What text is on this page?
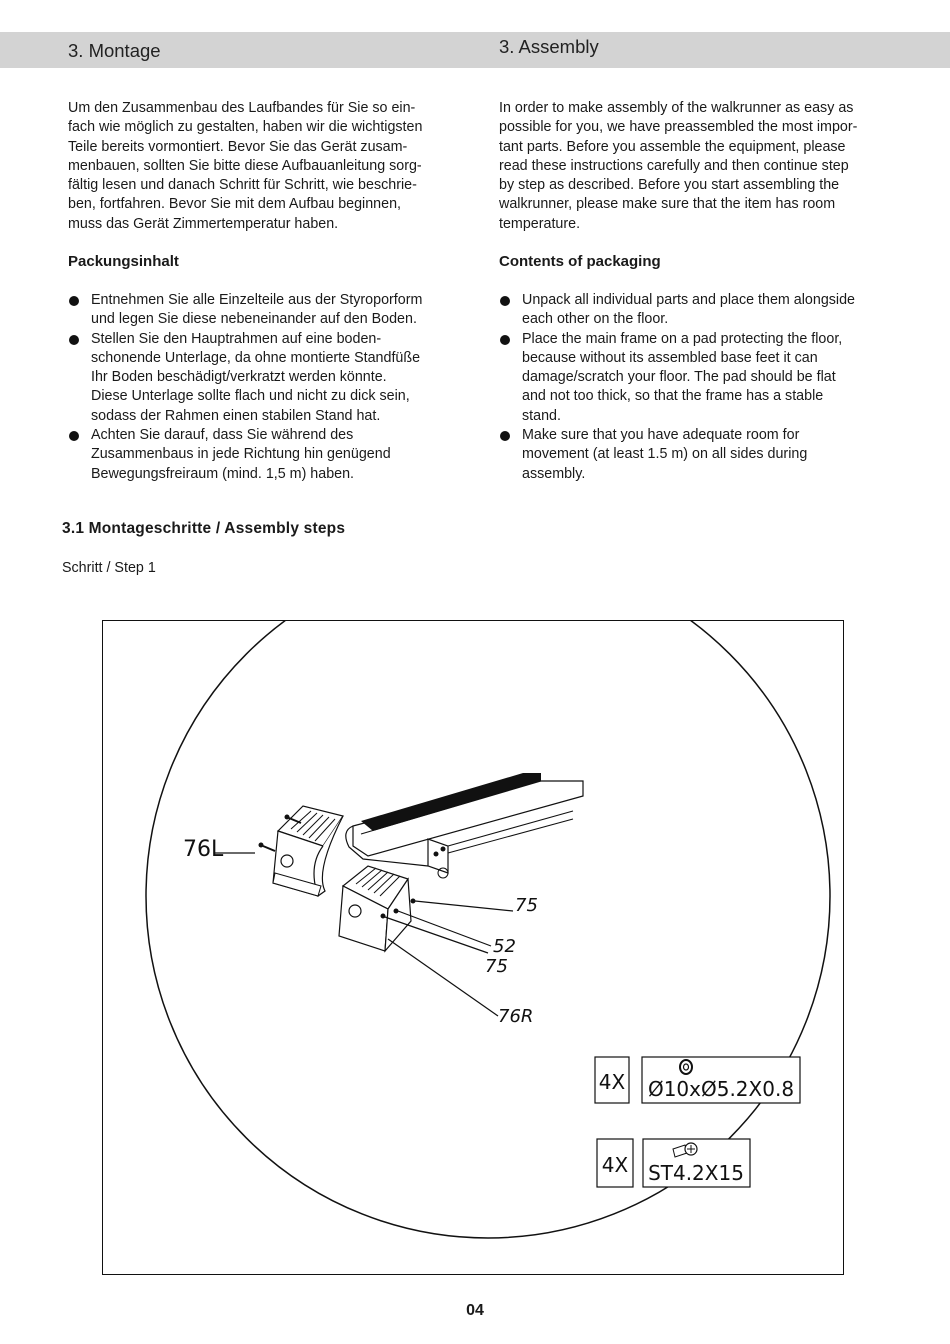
3. Montage	3. Assembly

Um den Zusammenbau des Laufbandes für Sie so ein-

fach wie möglich zu gestalten, haben wir die wichtigsten

Teile bereits vormontiert. Bevor Sie das Gerät zusam-

menbauen, sollten Sie bitte diese Aufbauanleitung sorg-

fältig lesen und danach Schritt für Schritt, wie beschrie-

ben, fortfahren. Bevor Sie mit dem Aufbau beginnen,

muss das Gerät Zimmertemperatur haben.

In order to make assembly of the walkrunner as easy as

possible for you, we have preassembled the most impor-

tant parts. Before you assemble the equipment, please

read these instructions carefully and then continue step

by step as described. Before you start assembling the

walkrunner, please make sure that the item has room

temperature.

Packungsinhalt	Contents of packaging
Entnehmen Sie alle Einzelteile aus der Styroporform
und legen Sie diese nebeneinander auf den Boden.
Stellen Sie den Hauptrahmen auf eine boden-
schonende Unterlage, da ohne montierte Standfüße
Ihr Boden beschädigt/verkratzt werden könnte.
Diese Unterlage sollte flach und nicht zu dick sein,
sodass der Rahmen einen stabilen Stand hat.
Achten Sie darauf, dass Sie während des
Zusammenbaus in jede Richtung hin genügend
Bewegungsfreiraum (mind. 1,5 m) haben.
Unpack all individual parts and place them alongside
each other on the floor.
Place the main frame on a pad protecting the floor,
because without its assembled base feet it can
damage/scratch your floor. The pad should be flat
and not too thick, so that the frame has a stable
stand.
Make sure that you have adequate room for
movement (at least 1.5 m) on all sides during
assembly.
3.1 Montageschritte / Assembly steps
Schritt / Step 1
76L
75
52
75
76R
4X Ø10xØ5.2X0.8
4X ST4.2X15
04
